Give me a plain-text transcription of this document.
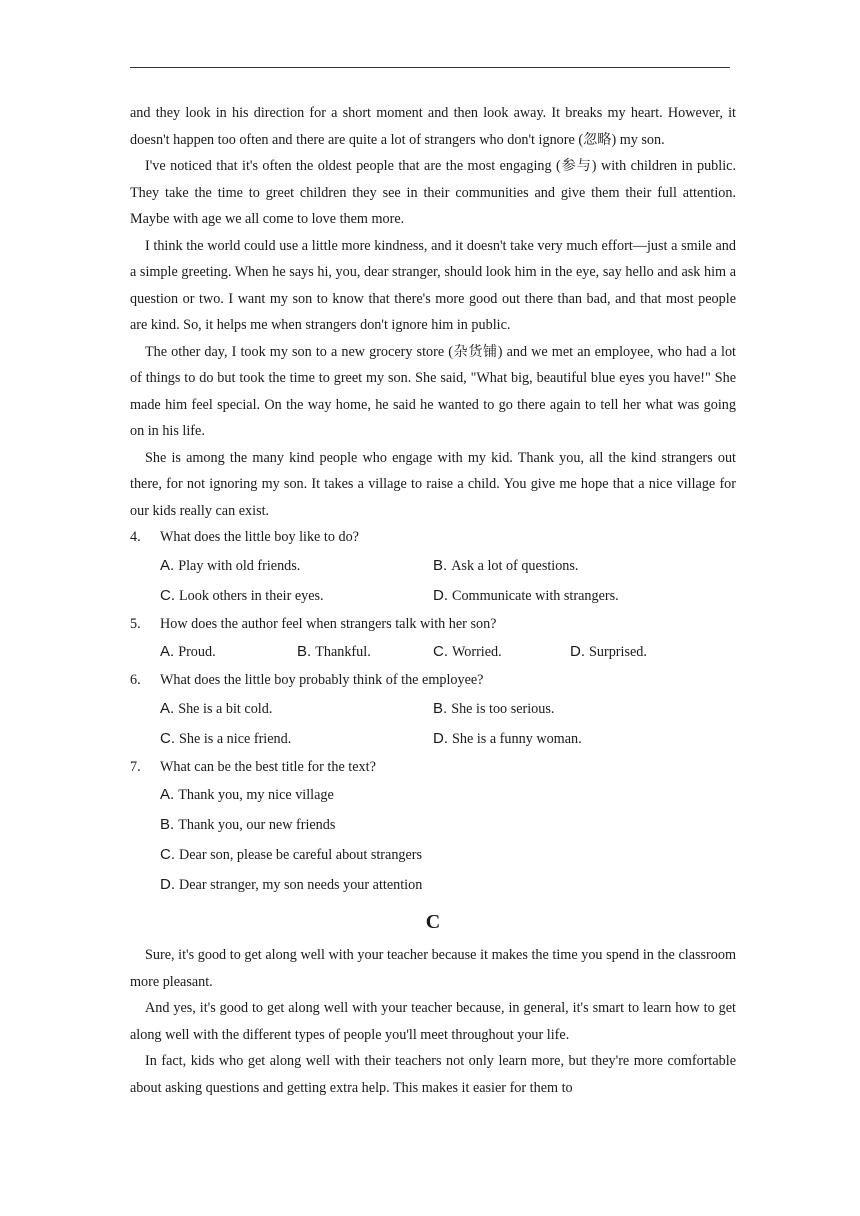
and they look in his direction for a short moment and then look away. It breaks my heart. However, it doesn't happen too often and there are quite a lot of strangers who don't ignore (忽略) my son.

I've noticed that it's often the oldest people that are the most engaging (参与) with children in public. They take the time to greet children they see in their communities and give them their full attention. Maybe with age we all come to love them more.

I think the world could use a little more kindness, and it doesn't take very much effort—just a smile and a simple greeting. When he says hi, you, dear stranger, should look him in the eye, say hello and ask him a question or two. I want my son to know that there's more good out there than bad, and that most people are kind. So, it helps me when strangers don't ignore him in public.

The other day, I took my son to a new grocery store (杂货铺) and we met an employee, who had a lot of things to do but took the time to greet my son. She said, "What big, beautiful blue eyes you have!" She made him feel special. On the way home, he said he wanted to go there again to tell her what was going on in his life.

She is among the many kind people who engage with my kid. Thank you, all the kind strangers out there, for not ignoring my son. It takes a village to raise a child. You give me hope that a nice village for our kids really can exist.

4.	What does the little boy like to do?
A. Play with old friends.	B. Ask a lot of questions.
C. Look others in their eyes.	D. Communicate with strangers.
5.	How does the author feel when strangers talk with her son?
A. Proud.	B. Thankful.	C. Worried.	D. Surprised.
6.	What does the little boy probably think of the employee?
A. She is a bit cold.	B. She is too serious.
C. She is a nice friend.	D. She is a funny woman.
7.	What can be the best title for the text?
A. Thank you, my nice village
B. Thank you, our new friends
C. Dear son, please be careful about strangers
D. Dear stranger, my son needs your attention
C

Sure, it's good to get along well with your teacher because it makes the time you spend in the classroom more pleasant.

And yes, it's good to get along well with your teacher because, in general, it's smart to learn how to get along well with the different types of people you'll meet throughout your life.

In fact, kids who get along well with their teachers not only learn more, but they're more comfortable about asking questions and getting extra help. This makes it easier for them to
